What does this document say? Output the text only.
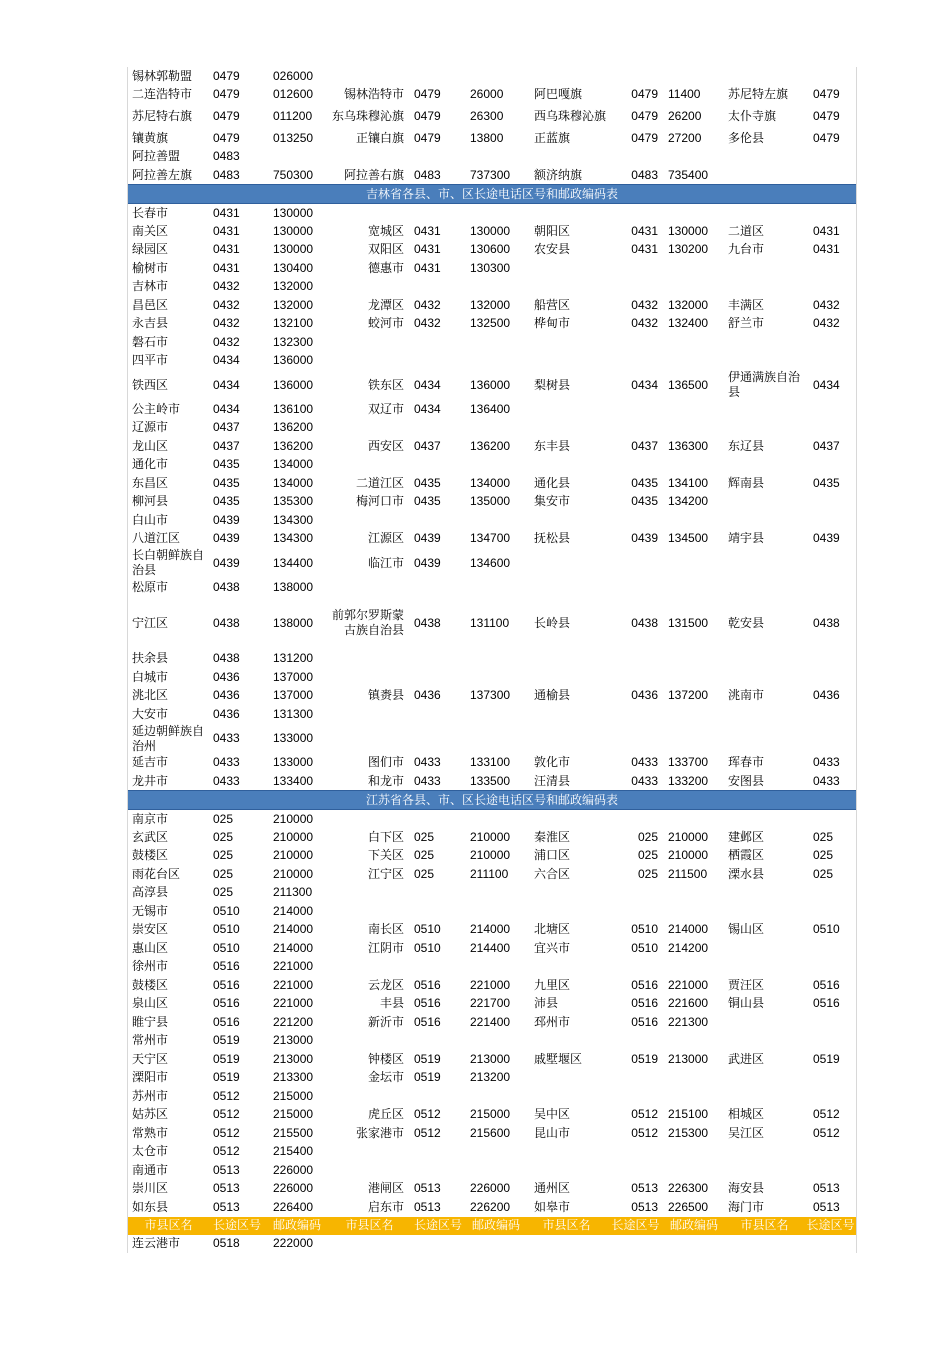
锡林郭勒盟	0479	026000								
二连浩特市	0479	012600	锡林浩特市	0479	26000	阿巴嘎旗	0479	11400	苏尼特左旗	0479
苏尼特右旗	0479	011200	东乌珠穆沁旗	0479	26300	西乌珠穆沁旗	0479	26200	太仆寺旗	0479
镶黄旗	0479	013250	正镶白旗	0479	13800	正蓝旗	0479	27200	多伦县	0479
阿拉善盟	0483									
阿拉善左旗	0483	750300	阿拉善右旗	0483	737300	额济纳旗	0483	735400		
吉林省各县、市、区长途电话区号和邮政编码表										
长春市	0431	130000								
南关区	0431	130000	宽城区	0431	130000	朝阳区	0431	130000	二道区	0431
绿园区	0431	130000	双阳区	0431	130600	农安县	0431	130200	九台市	0431
榆树市	0431	130400	德惠市	0431	130300					
吉林市	0432	132000								
昌邑区	0432	132000	龙潭区	0432	132000	船营区	0432	132000	丰满区	0432
永吉县	0432	132100	蛟河市	0432	132500	桦甸市	0432	132400	舒兰市	0432
磐石市	0432	132300								
四平市	0434	136000								
铁西区	0434	136000	铁东区	0434	136000	梨树县	0434	136500	伊通满族自治县	0434
公主岭市	0434	136100	双辽市	0434	136400					
辽源市	0437	136200								
龙山区	0437	136200	西安区	0437	136200	东丰县	0437	136300	东辽县	0437
通化市	0435	134000								
东昌区	0435	134000	二道江区	0435	134000	通化县	0435	134100	辉南县	0435
柳河县	0435	135300	梅河口市	0435	135000	集安市	0435	134200		
白山市	0439	134300								
八道江区	0439	134300	江源区	0439	134700	抚松县	0439	134500	靖宇县	0439
长白朝鲜族自治县	0439	134400	临江市	0439	134600					
松原市	0438	138000								
宁江区	0438	138000	前郭尔罗斯蒙古族自治县	0438	131100	长岭县	0438	131500	乾安县	0438
扶余县	0438	131200								
白城市	0436	137000								
洮北区	0436	137000	镇赉县	0436	137300	通榆县	0436	137200	洮南市	0436
大安市	0436	131300								
延边朝鲜族自治州	0433	133000								
延吉市	0433	133000	图们市	0433	133100	敦化市	0433	133700	珲春市	0433
龙井市	0433	133400	和龙市	0433	133500	汪清县	0433	133200	安图县	0433
江苏省各县、市、区长途电话区号和邮政编码表										
南京市	025	210000								
玄武区	025	210000	白下区	025	210000	秦淮区	025	210000	建邺区	025
鼓楼区	025	210000	下关区	025	210000	浦口区	025	210000	栖霞区	025
雨花台区	025	210000	江宁区	025	211100	六合区	025	211500	溧水县	025
高淳县	025	211300								
无锡市	0510	214000								
崇安区	0510	214000	南长区	0510	214000	北塘区	0510	214000	锡山区	0510
惠山区	0510	214000	江阴市	0510	214400	宜兴市	0510	214200		
徐州市	0516	221000								
鼓楼区	0516	221000	云龙区	0516	221000	九里区	0516	221000	贾汪区	0516
泉山区	0516	221000	丰县	0516	221700	沛县	0516	221600	铜山县	0516
睢宁县	0516	221200	新沂市	0516	221400	邳州市	0516	221300		
常州市	0519	213000								
天宁区	0519	213000	钟楼区	0519	213000	戚墅堰区	0519	213000	武进区	0519
溧阳市	0519	213300	金坛市	0519	213200					
苏州市	0512	215000								
姑苏区	0512	215000	虎丘区	0512	215000	吴中区	0512	215100	相城区	0512
常熟市	0512	215500	张家港市	0512	215600	昆山市	0512	215300	吴江区	0512
太仓市	0512	215400								
南通市	0513	226000								
崇川区	0513	226000	港闸区	0513	226000	通州区	0513	226300	海安县	0513
如东县	0513	226400	启东市	0513	226200	如皋市	0513	226500	海门市	0513
市县区名	长途区号	邮政编码	市县区名	长途区号	邮政编码	市县区名	长途区号	邮政编码	市县区名	长途区号
连云港市	0518	222000								
